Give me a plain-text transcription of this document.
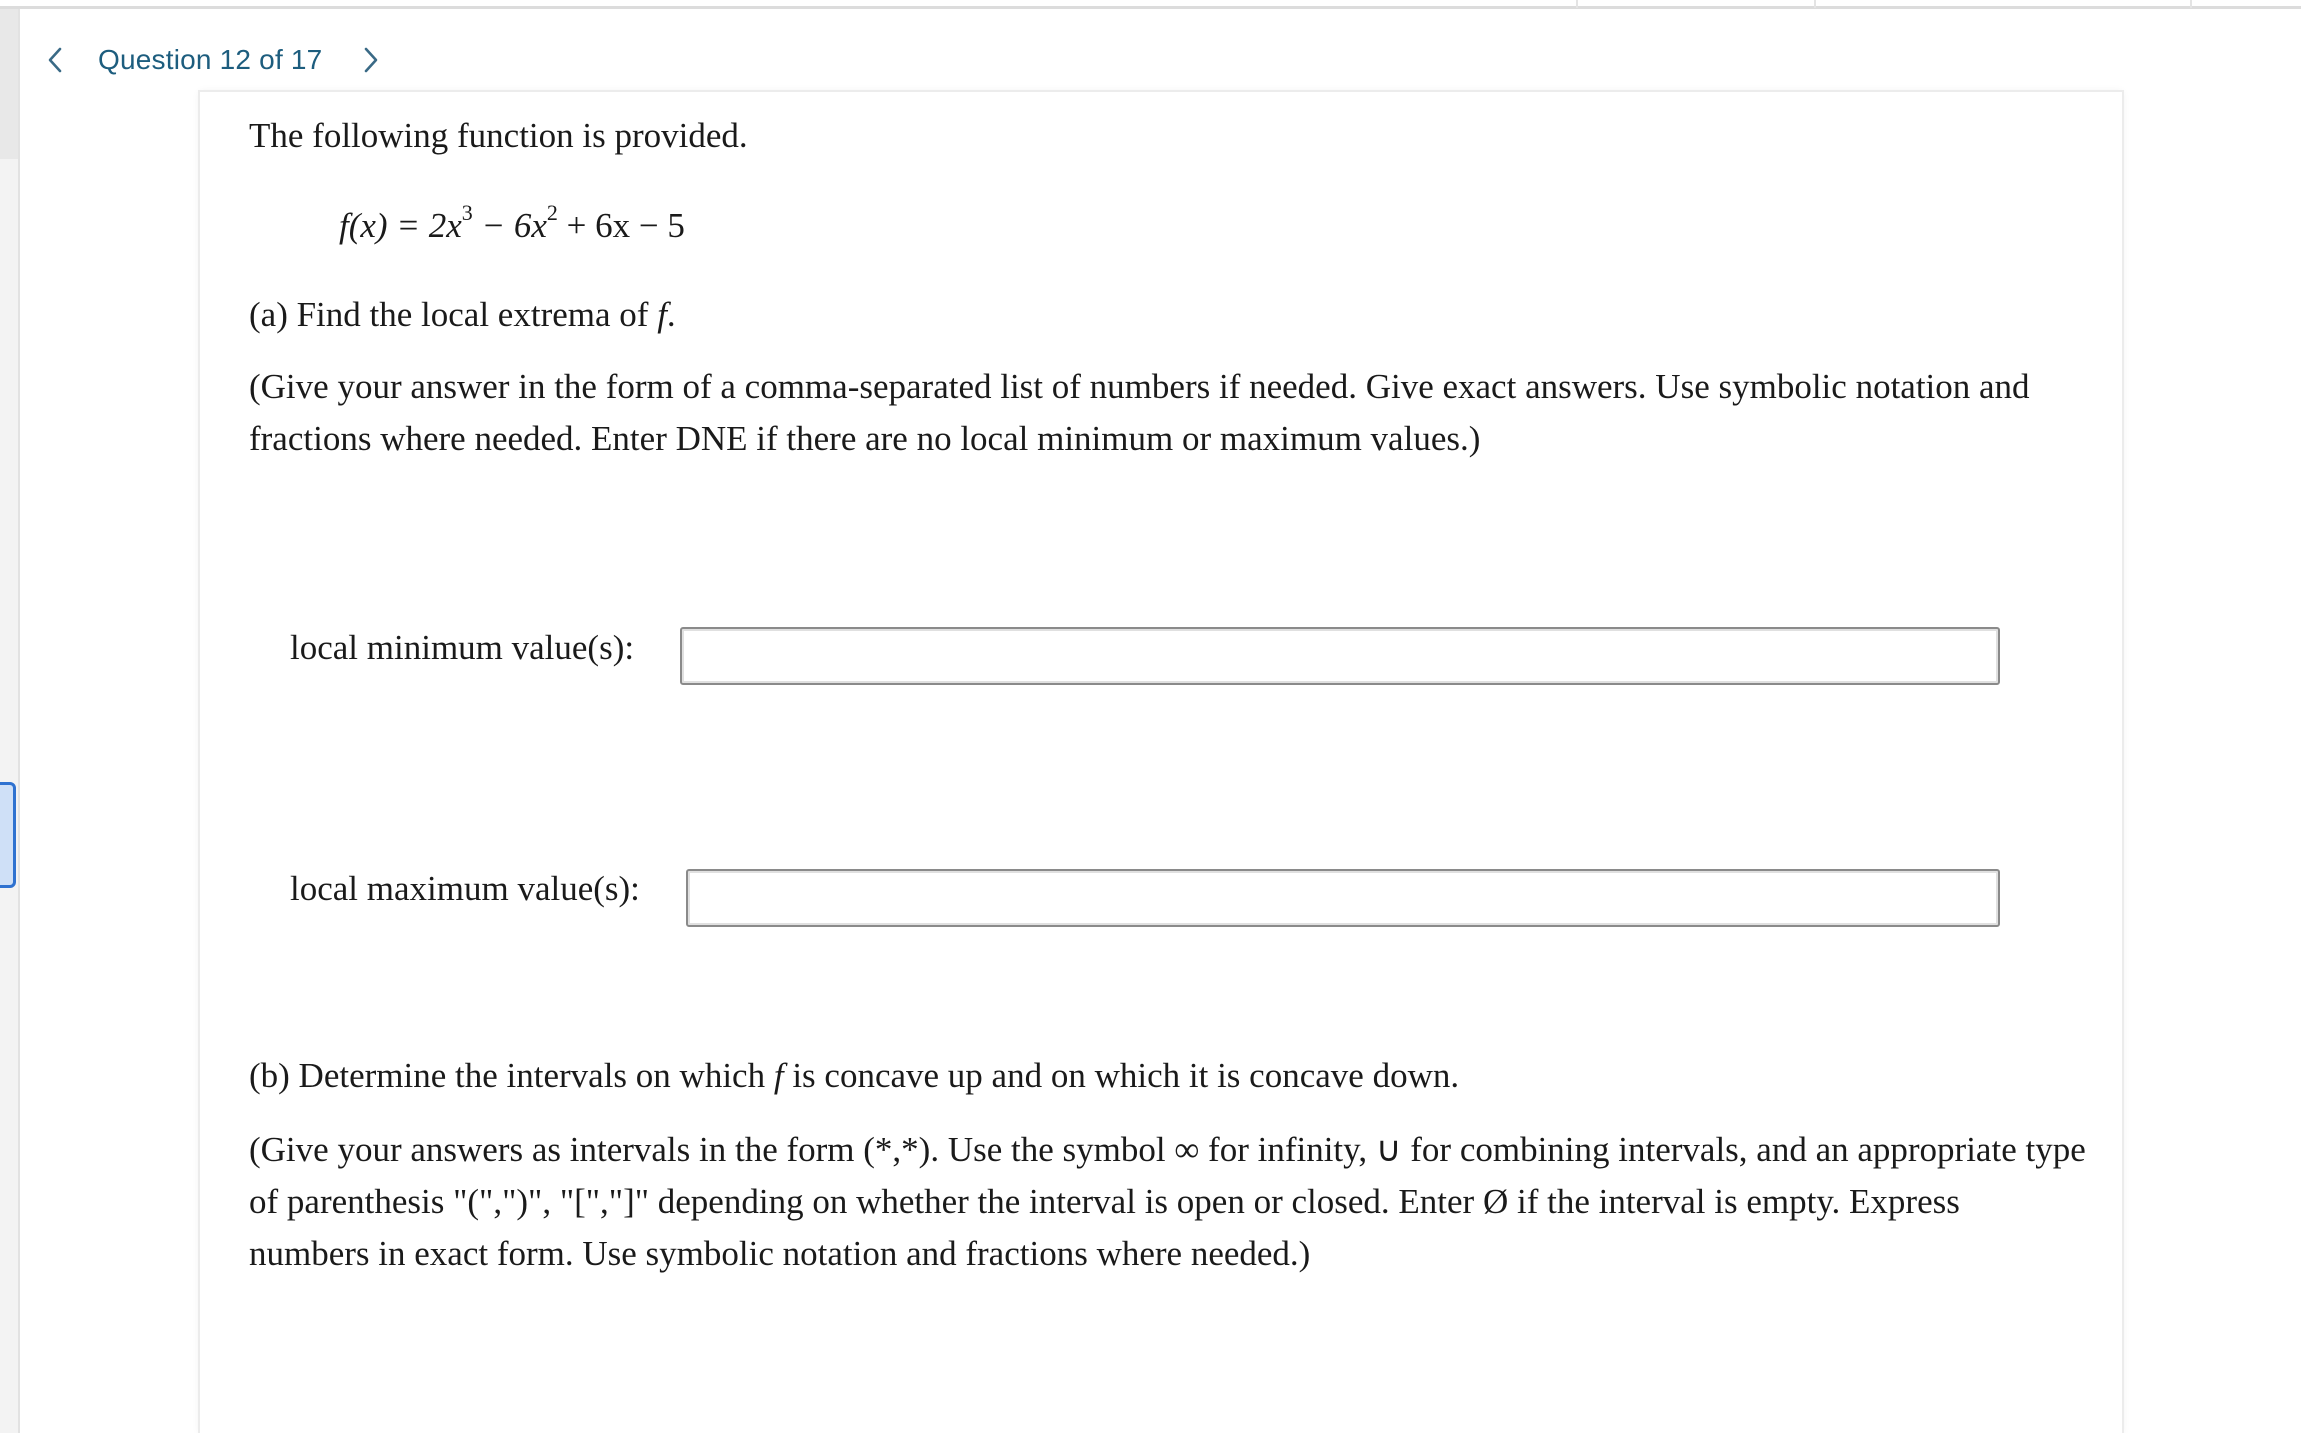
Question 12 of 17
The following function is provided.
$f(x) = 2x^3 - 6x^2 + 6x - 5$
(a) Find the local extrema of f.
(Give your answer in the form of a comma-separated list of numbers if needed. Give exact answers. Use symbolic notation and fractions where needed. Enter DNE if there are no local minimum or maximum values.)
local minimum value(s):
local maximum value(s):
(b) Determine the intervals on which f is concave up and on which it is concave down.
(Give your answers as intervals in the form (*,*). Use the symbol ∞ for infinity, ∪ for combining intervals, and an appropriate type of parenthesis "(",")", "[","]" depending on whether the interval is open or closed. Enter Ø if the interval is empty. Express numbers in exact form. Use symbolic notation and fractions where needed.)
